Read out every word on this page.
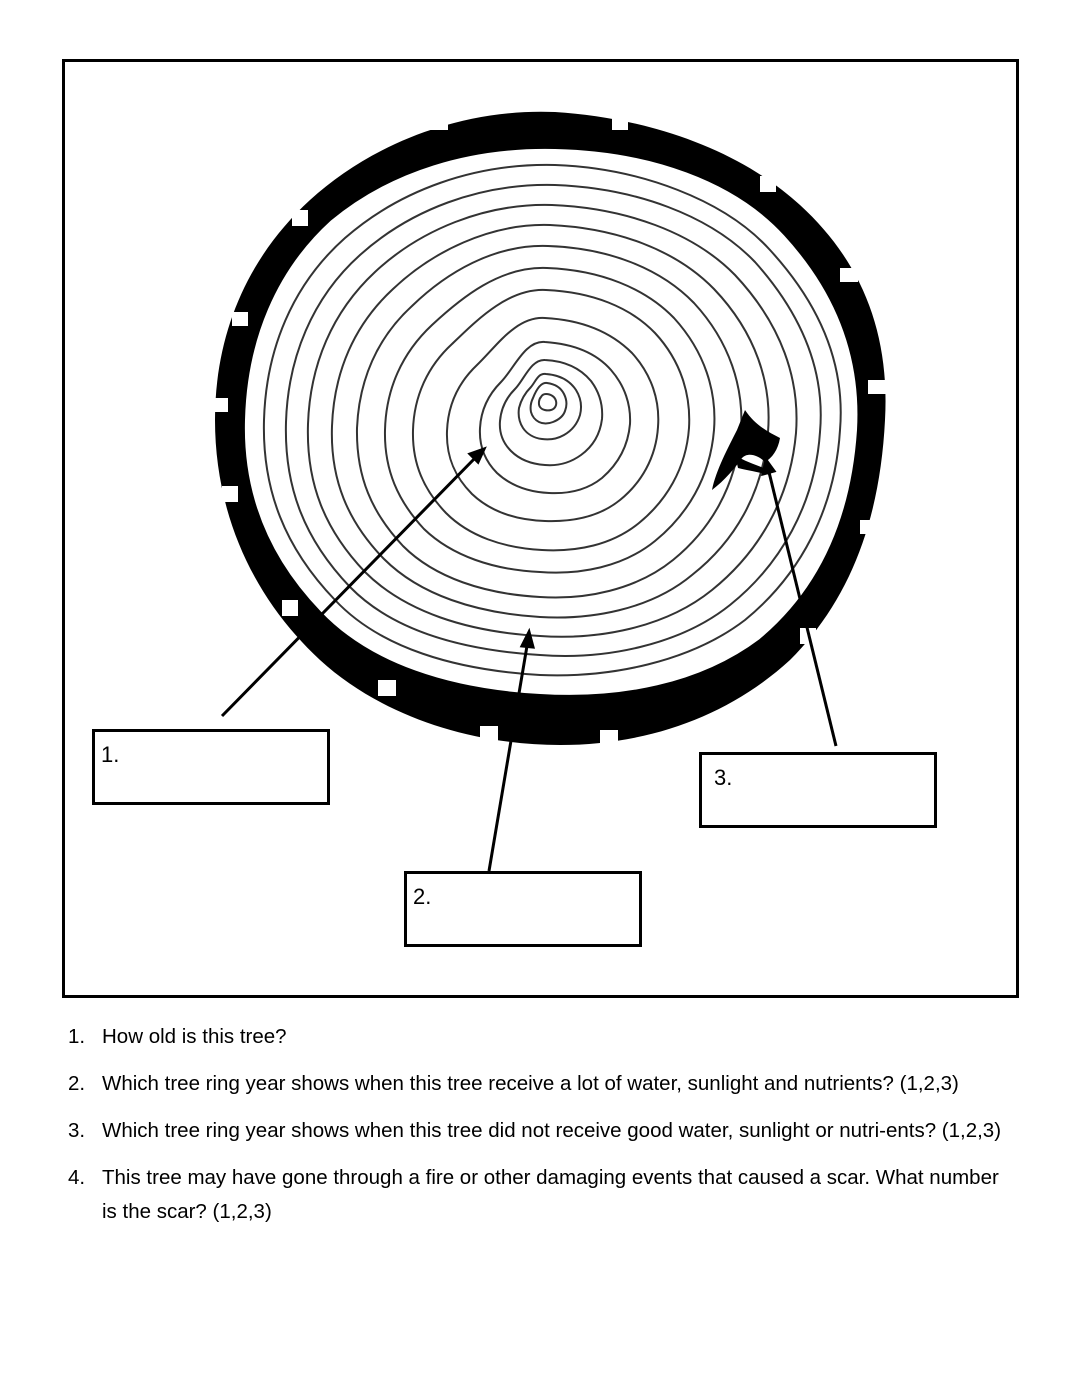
1.
2.
3.
1. How old is this tree?
2. Which tree ring year shows when this tree receive a lot of water, sunlight and nutrients? (1,2,3)
3. Which tree ring year shows when this tree did not receive good water, sunlight or nutri-ents? (1,2,3)
4. This tree may have gone through a fire or other damaging events that caused a scar. What number is the scar? (1,2,3)
